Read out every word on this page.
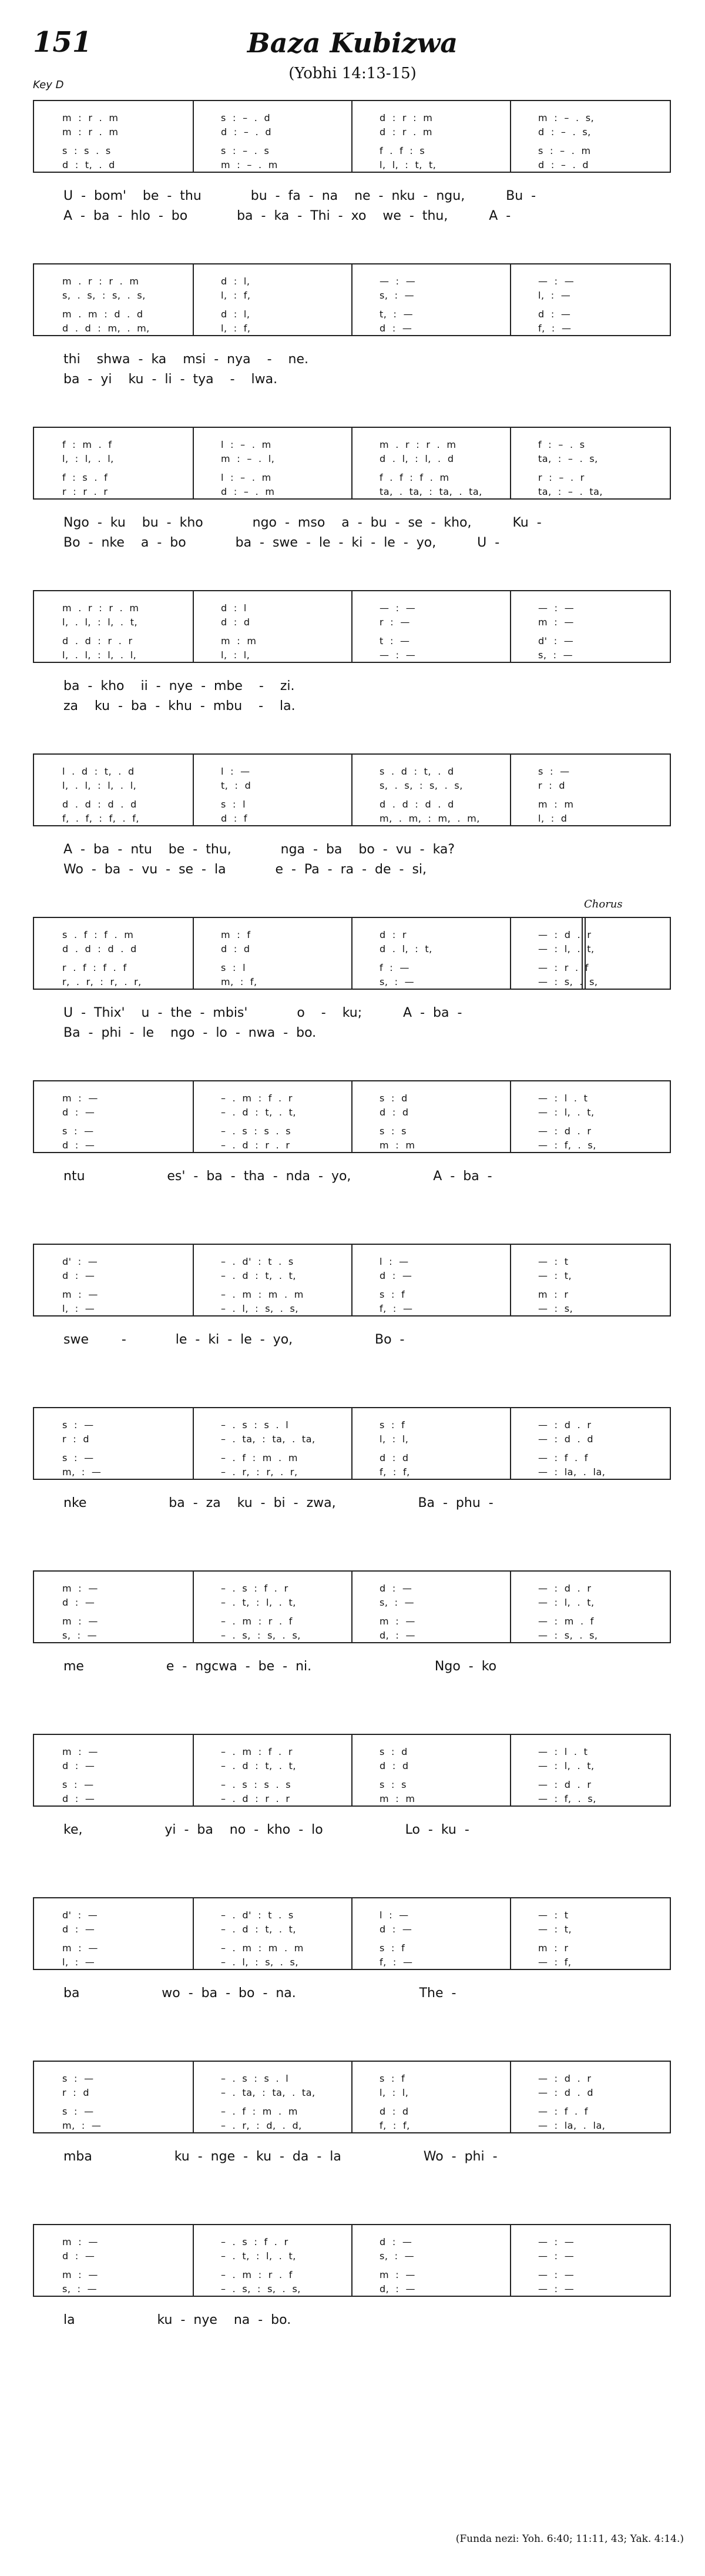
151	Baza Kubizwa
(Yobhi 14:13-15)
Key D
m  :  r  .  m
m  :  r  .  m
s  :  s  .  s
d  :  t,  .  d
s  :  –  .  d
d  :  –  .  d
s  :  –  .  s
m  :  –  .  m
d  :  r  :  m
d  :  r  .  m
f  .  f  :  s
l,  l,  :  t,  t,
m  :  –  .  s,
d  :  –  .  s,
s  :  –  .  m
d  :  –  .  d
U  -  bom'    be  -  thu            bu  -  fa  -  na    ne  -  nku  -  ngu,          Bu  -
A  -  ba  -  hlo  -  bo            ba  -  ka  -  Thi  -  xo    we  -  thu,          A  -
m  .  r  :  r  .  m
s,  .  s,  :  s,  .  s,
m  .  m  :  d  .  d
d  .  d  :  m,  .  m,
d  :  l,
l,  :  f,
d  :  l,
l,  :  f,
—  :  —
s,  :  —
t,  :  —
d  :  —
—  :  —
l,  :  —
d  :  —
f,  :  —
thi    shwa  -  ka    msi  -  nya    -    ne.
ba  -  yi    ku  -  li  -  tya    -    lwa.
f  :  m  .  f
l,  :  l,  .  l,
f  :  s  .  f
r  :  r  .  r
l  :  –  .  m
m  :  –  .  l,
l  :  –  .  m
d  :  –  .  m
m  .  r  :  r  .  m
d  .  l,  :  l,  .  d
f  .  f  :  f  .  m
ta,  .  ta,  :  ta,  .  ta,
f  :  –  .  s
ta,  :  –  .  s,
r  :  –  .  r
ta,  :  –  .  ta,
Ngo  -  ku    bu  -  kho            ngo  -  mso    a  -  bu  -  se  -  kho,          Ku  -
Bo  -  nke    a  -  bo            ba  -  swe  -  le  -  ki  -  le  -  yo,          U  -
m  .  r  :  r  .  m
l,  .  l,  :  l,  .  t,
d  .  d  :  r  .  r
l,  .  l,  :  l,  .  l,
d  :  l
d  :  d
m  :  m
l,  :  l,
—  :  —
r  :  —
t  :  —
—  :  —
—  :  —
m  :  —
d'  :  —
s,  :  —
ba  -  kho    ii  -  nye  -  mbe    -    zi.
za    ku  -  ba  -  khu  -  mbu    -    la.
l  .  d  :  t,  .  d
l,  .  l,  :  l,  .  l,
d  .  d  :  d  .  d
f,  .  f,  :  f,  .  f,
l  :  —
t,  :  d
s  :  l
d  :  f
s  .  d  :  t,  .  d
s,  .  s,  :  s,  .  s,
d  .  d  :  d  .  d
m,  .  m,  :  m,  .  m,
s  :  —
r  :  d
m  :  m
l,  :  d
A  -  ba  -  ntu    be  -  thu,            nga  -  ba    bo  -  vu  -  ka?
Wo  -  ba  -  vu  -  se  -  la            e  -  Pa  -  ra  -  de  -  si,
Chorus
s  .  f  :  f  .  m
d  .  d  :  d  .  d
r  .  f  :  f  .  f
r,  .  r,  :  r,  .  r,
m  :  f
d  :  d
s  :  l
m,  :  f,
d  :  r
d  .  l,  :  t,
f  :  —
s,  :  —
—  :  d  .  r
—  :  l,  .  t,
—  :  r  .  f
—  :  s,  .  s,
U  -  Thix'    u  -  the  -  mbis'            o    -    ku;          A  -  ba  -
Ba  -  phi  -  le    ngo  -  lo  -  nwa  -  bo.
m  :  —
d  :  —
s  :  —
d  :  —
–  .  m  :  f  .  r
–  .  d  :  t,  .  t,
–  .  s  :  s  .  s
–  .  d  :  r  .  r
s  :  d
d  :  d
s  :  s
m  :  m
—  :  l  .  t
—  :  l,  .  t,
—  :  d  .  r
—  :  f,  .  s,
ntu                    es'  -  ba  -  tha  -  nda  -  yo,                    A  -  ba  -
d'  :  —
d  :  —
m  :  —
l,  :  —
–  .  d'  :  t  .  s
–  .  d  :  t,  .  t,
–  .  m  :  m  .  m
–  .  l,  :  s,  .  s,
l  :  —
d  :  —
s  :  f
f,  :  —
—  :  t
—  :  t,
m  :  r
—  :  s,
swe        -            le  -  ki  -  le  -  yo,                    Bo  -
s  :  —
r  :  d
s  :  —
m,  :  —
–  .  s  :  s  .  l
–  .  ta,  :  ta,  .  ta,
–  .  f  :  m  .  m
–  .  r,  :  r,  .  r,
s  :  f
l,  :  l,
d  :  d
f,  :  f,
—  :  d  .  r
—  :  d  .  d
—  :  f  .  f
—  :  la,  .  la,
nke                    ba  -  za    ku  -  bi  -  zwa,                    Ba  -  phu  -
m  :  —
d  :  —
m  :  —
s,  :  —
–  .  s  :  f  .  r
–  .  t,  :  l,  .  t,
–  .  m  :  r  .  f
–  .  s,  :  s,  .  s,
d  :  —
s,  :  —
m  :  —
d,  :  —
—  :  d  .  r
—  :  l,  .  t,
—  :  m  .  f
—  :  s,  .  s,
me                    e  -  ngcwa  -  be  -  ni.                              Ngo  -  ko
m  :  —
d  :  —
s  :  —
d  :  —
–  .  m  :  f  .  r
–  .  d  :  t,  .  t,
–  .  s  :  s  .  s
–  .  d  :  r  .  r
s  :  d
d  :  d
s  :  s
m  :  m
—  :  l  .  t
—  :  l,  .  t,
—  :  d  .  r
—  :  f,  .  s,
ke,                    yi  -  ba    no  -  kho  -  lo                    Lo  -  ku  -
d'  :  —
d  :  —
m  :  —
l,  :  —
–  .  d'  :  t  .  s
–  .  d  :  t,  .  t,
–  .  m  :  m  .  m
–  .  l,  :  s,  .  s,
l  :  —
d  :  —
s  :  f
f,  :  —
—  :  t
—  :  t,
m  :  r
—  :  f,
ba                    wo  -  ba  -  bo  -  na.                              The  -
s  :  —
r  :  d
s  :  —
m,  :  —
–  .  s  :  s  .  l
–  .  ta,  :  ta,  .  ta,
–  .  f  :  m  .  m
–  .  r,  :  d,  .  d,
s  :  f
l,  :  l,
d  :  d
f,  :  f,
—  :  d  .  r
—  :  d  .  d
—  :  f  .  f
—  :  la,  .  la,
mba                    ku  -  nge  -  ku  -  da  -  la                    Wo  -  phi  -
m  :  —
d  :  —
m  :  —
s,  :  —
–  .  s  :  f  .  r
–  .  t,  :  l,  .  t,
–  .  m  :  r  .  f
–  .  s,  :  s,  .  s,
d  :  —
s,  :  —
m  :  —
d,  :  —
—  :  —
—  :  —
—  :  —
—  :  —
la                    ku  -  nye    na  -  bo.
(Funda nezi: Yoh. 6:40; 11:11, 43; Yak. 4:14.)
